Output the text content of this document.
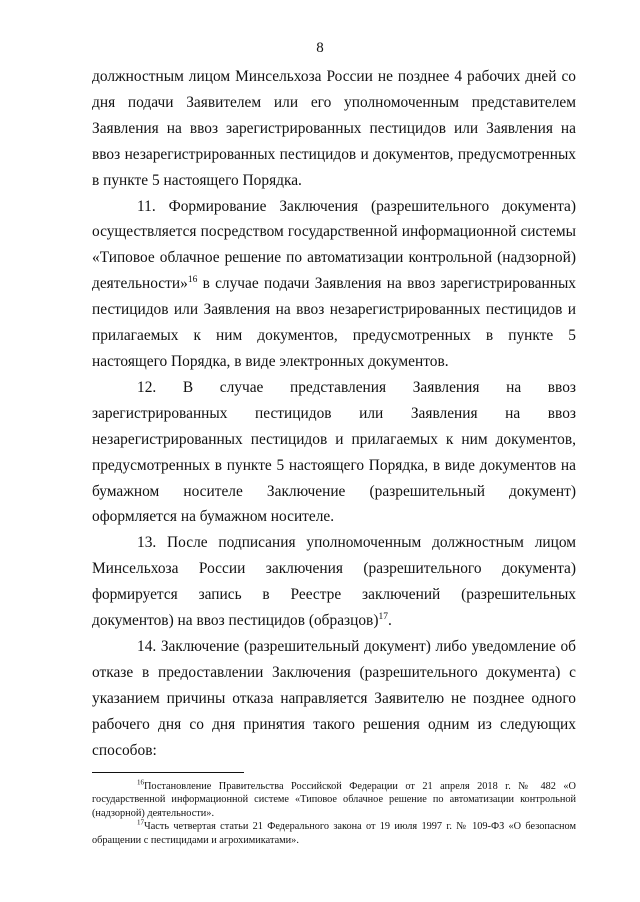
8

должностным лицом Минсельхоза России не позднее 4 рабочих дней со дня подачи Заявителем или его уполномоченным представителем Заявления на ввоз зарегистрированных пестицидов или Заявления на ввоз незарегистрированных пестицидов и документов, предусмотренных в пункте 5 настоящего Порядка.

11. Формирование Заключения (разрешительного документа) осуществляется посредством государственной информационной системы «Типовое облачное решение по автоматизации контрольной (надзорной) деятельности»$^{16}$ в случае подачи Заявления на ввоз зарегистрированных пестицидов или Заявления на ввоз незарегистрированных пестицидов и прилагаемых к ним документов, предусмотренных в пункте 5 настоящего Порядка, в виде электронных документов.

12. В случае представления Заявления на ввоз зарегистрированных пестицидов или Заявления на ввоз незарегистрированных пестицидов и прилагаемых к ним документов, предусмотренных в пункте 5 настоящего Порядка, в виде документов на бумажном носителе Заключение (разрешительный документ) оформляется на бумажном носителе.

13. После подписания уполномоченным должностным лицом Минсельхоза России заключения (разрешительного документа) формируется запись в Реестре заключений (разрешительных документов) на ввоз пестицидов (образцов)$^{17}$.

14. Заключение (разрешительный документ) либо уведомление об отказе в предоставлении Заключения (разрешительного документа) с указанием причины отказа направляется Заявителю не позднее одного рабочего дня со дня принятия такого решения одним из следующих способов:

$^{16}$Постановление Правительства Российской Федерации от 21 апреля 2018 г. № 482 «О государственной информационной системе «Типовое облачное решение по автоматизации контрольной (надзорной) деятельности».

$^{17}$Часть четвертая статьи 21 Федерального закона от 19 июля 1997 г. № 109-ФЗ «О безопасном обращении с пестицидами и агрохимикатами».
